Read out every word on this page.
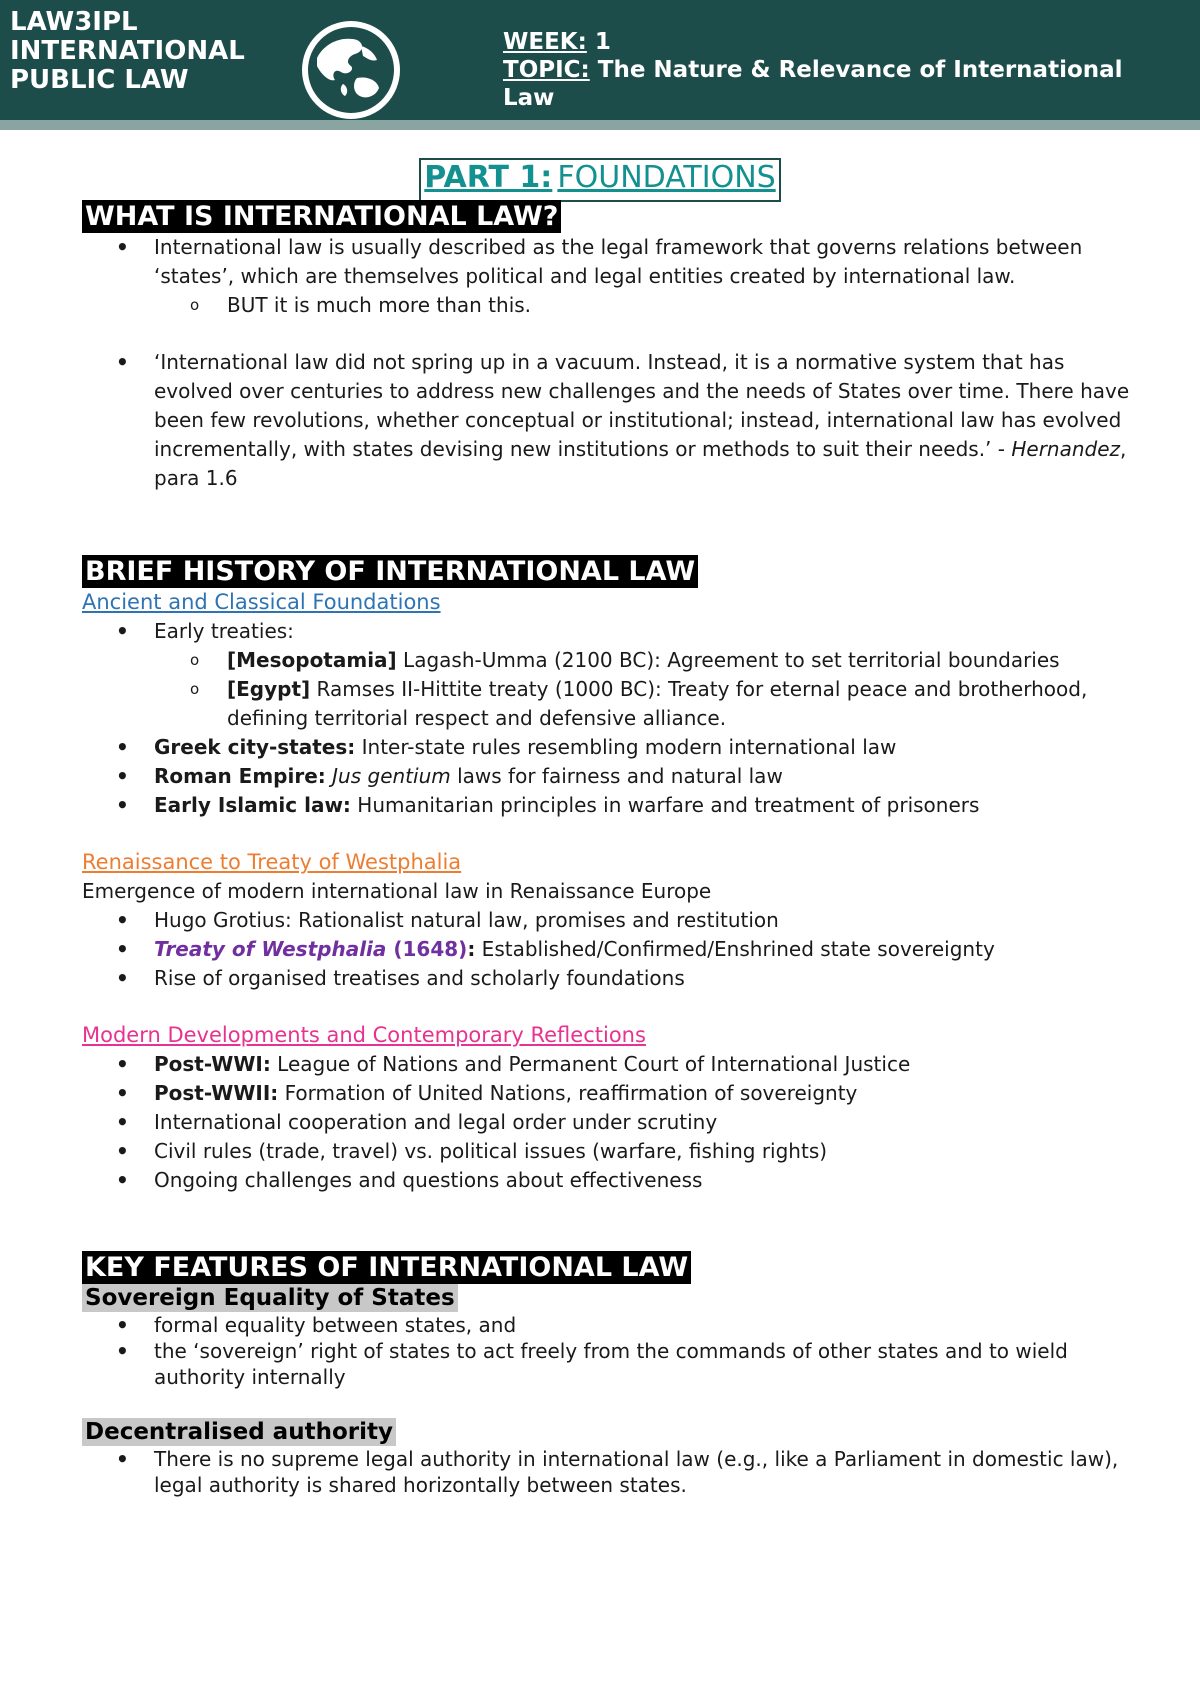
LAW3IPL INTERNATIONAL PUBLIC LAW
WEEK: 1
TOPIC: The Nature & Relevance of International Law
PART 1: FOUNDATIONS
WHAT IS INTERNATIONAL LAW?
• International law is usually described as the legal framework that governs relations between ‘states’, which are themselves political and legal entities created by international law.
o BUT it is much more than this.
• ‘International law did not spring up in a vacuum. Instead, it is a normative system that has evolved over centuries to address new challenges and the needs of States over time. There have been few revolutions, whether conceptual or institutional; instead, international law has evolved incrementally, with states devising new institutions or methods to suit their needs.’ - Hernandez, para 1.6
BRIEF HISTORY OF INTERNATIONAL LAW
Ancient and Classical Foundations
• Early treaties:
o [Mesopotamia] Lagash-Umma (2100 BC): Agreement to set territorial boundaries
o [Egypt] Ramses II-Hittite treaty (1000 BC): Treaty for eternal peace and brotherhood, defining territorial respect and defensive alliance.
• Greek city-states: Inter-state rules resembling modern international law
• Roman Empire: Jus gentium laws for fairness and natural law
• Early Islamic law: Humanitarian principles in warfare and treatment of prisoners
Renaissance to Treaty of Westphalia

Emergence of modern international law in Renaissance Europe

• Hugo Grotius: Rationalist natural law, promises and restitution
• Treaty of Westphalia (1648): Established/Confirmed/Enshrined state sovereignty
• Rise of organised treatises and scholarly foundations
Modern Developments and Contemporary Reflections
• Post-WWI: League of Nations and Permanent Court of International Justice
• Post-WWII: Formation of United Nations, reaffirmation of sovereignty
• International cooperation and legal order under scrutiny
• Civil rules (trade, travel) vs. political issues (warfare, fishing rights)
• Ongoing challenges and questions about effectiveness
KEY FEATURES OF INTERNATIONAL LAW
Sovereign Equality of States
• formal equality between states, and
• the ‘sovereign’ right of states to act freely from the commands of other states and to wield authority internally
Decentralised authority
• There is no supreme legal authority in international law (e.g., like a Parliament in domestic law), legal authority is shared horizontally between states.
